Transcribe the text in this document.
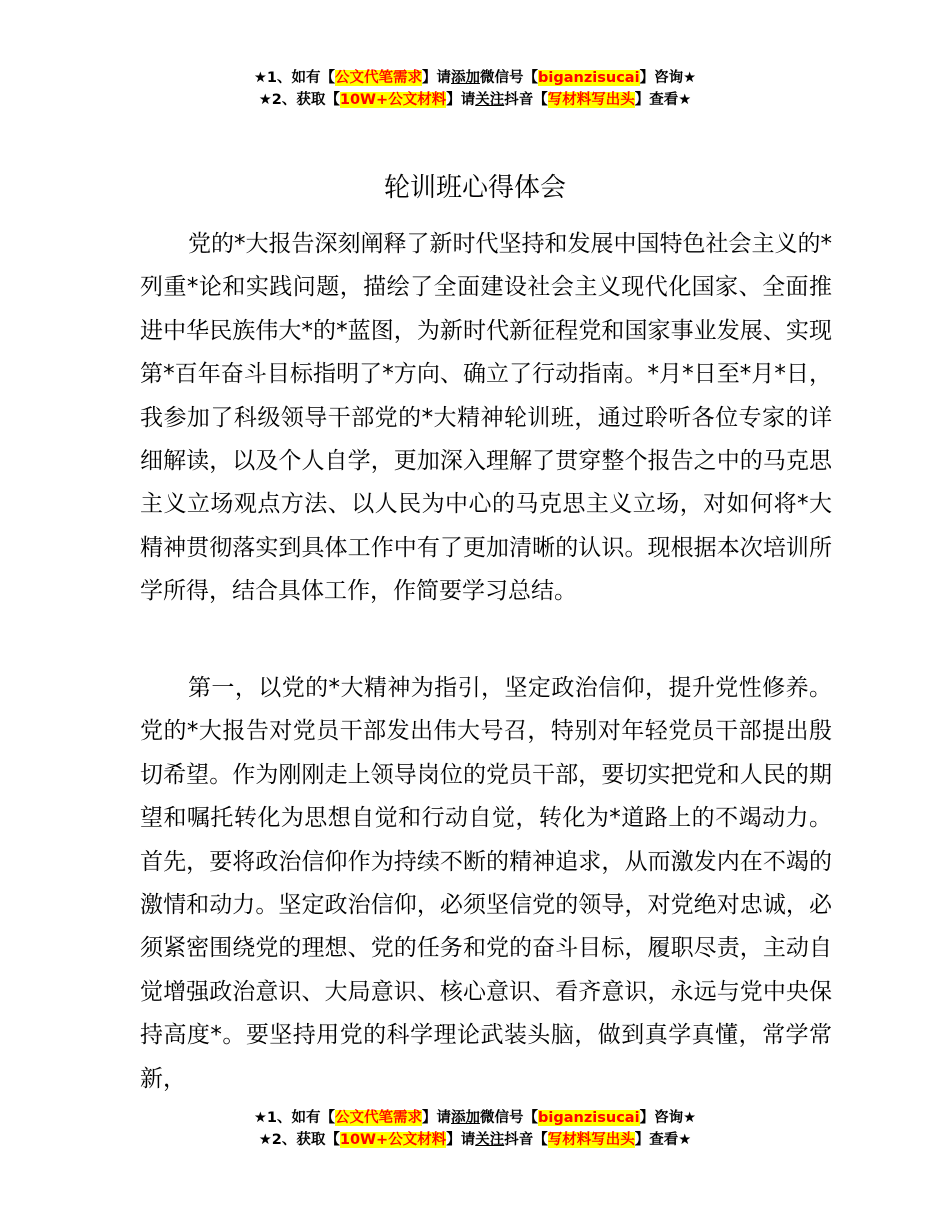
★1、如有【公文代笔需求】请添加微信号【biganzisucai】咨询★
★2、获取【10W+公文材料】请关注抖音【写材料写出头】查看★
轮训班心得体会

党的*大报告深刻阐释了新时代坚持和发展中国特色社会主义的*列重*论和实践问题，描绘了全面建设社会主义现代化国家、全面推进中华民族伟大*的*蓝图，为新时代新征程党和国家事业发展、实现第*百年奋斗目标指明了*方向、确立了行动指南。*月*日至*月*日，我参加了科级领导干部党的*大精神轮训班，通过聆听各位专家的详细解读，以及个人自学，更加深入理解了贯穿整个报告之中的马克思主义立场观点方法、以人民为中心的马克思主义立场，对如何将*大精神贯彻落实到具体工作中有了更加清晰的认识。现根据本次培训所学所得，结合具体工作，作简要学习总结。

第一，以党的*大精神为指引，坚定政治信仰，提升党性修养。党的*大报告对党员干部发出伟大号召，特别对年轻党员干部提出殷切希望。作为刚刚走上领导岗位的党员干部，要切实把党和人民的期望和嘱托转化为思想自觉和行动自觉，转化为*道路上的不竭动力。首先，要将政治信仰作为持续不断的精神追求，从而激发内在不竭的激情和动力。坚定政治信仰，必须坚信党的领导，对党绝对忠诚，必须紧密围绕党的理想、党的任务和党的奋斗目标，履职尽责，主动自觉增强政治意识、大局意识、核心意识、看齐意识，永远与党中央保持高度*。要坚持用党的科学理论武装头脑，做到真学真懂，常学常新，

★1、如有【公文代笔需求】请添加微信号【biganzisucai】咨询★
★2、获取【10W+公文材料】请关注抖音【写材料写出头】查看★
